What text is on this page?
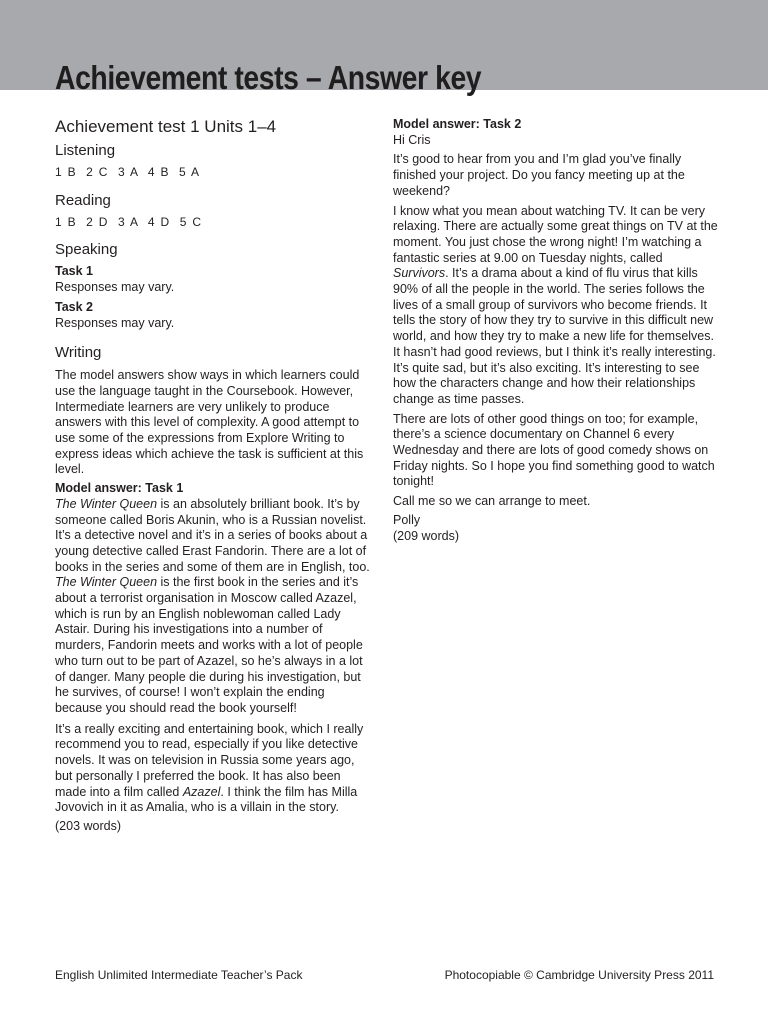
Achievement tests – Answer key
Achievement test 1 Units 1–4
Listening

1 B  2 C  3 A  4 B  5 A

Reading

1 B  2 D  3 A  4 D  5 C

Speaking

Task 1

Responses may vary.

Task 2

Responses may vary.

Writing

The model answers show ways in which learners could use the language taught in the Coursebook. However, Intermediate learners are very unlikely to produce answers with this level of complexity. A good attempt to use some of the expressions from Explore Writing to express ideas which achieve the task is sufficient at this level.

Model answer: Task 1

The Winter Queen is an absolutely brilliant book. It’s by someone called Boris Akunin, who is a Russian novelist. It’s a detective novel and it’s in a series of books about a young detective called Erast Fandorin. There are a lot of books in the series and some of them are in English, too. The Winter Queen is the first book in the series and it’s about a terrorist organisation in Moscow called Azazel, which is run by an English noblewoman called Lady Astair. During his investigations into a number of murders, Fandorin meets and works with a lot of people who turn out to be part of Azazel, so he’s always in a lot of danger. Many people die during his investigation, but he survives, of course! I won’t explain the ending because you should read the book yourself!

It’s a really exciting and entertaining book, which I really recommend you to read, especially if you like detective novels. It was on television in Russia some years ago, but personally I preferred the book. It has also been made into a film called Azazel. I think the film has Milla Jovovich in it as Amalia, who is a villain in the story.

(203 words)

Model answer: Task 2

Hi Cris

It’s good to hear from you and I’m glad you’ve finally finished your project. Do you fancy meeting up at the weekend?

I know what you mean about watching TV. It can be very relaxing. There are actually some great things on TV at the moment. You just chose the wrong night! I’m watching a fantastic series at 9.00 on Tuesday nights, called Survivors. It’s a drama about a kind of flu virus that kills 90% of all the people in the world. The series follows the lives of a small group of survivors who become friends. It tells the story of how they try to survive in this difficult new world, and how they try to make a new life for themselves. It hasn’t had good reviews, but I think it’s really interesting. It’s quite sad, but it’s also exciting. It’s interesting to see how the characters change and how their relationships change as time passes.

There are lots of other good things on too; for example, there’s a science documentary on Channel 6 every Wednesday and there are lots of good comedy shows on Friday nights. So I hope you find something good to watch tonight!

Call me so we can arrange to meet.

Polly

(209 words)

English Unlimited Intermediate Teacher’s Pack	Photocopiable © Cambridge University Press 2011
